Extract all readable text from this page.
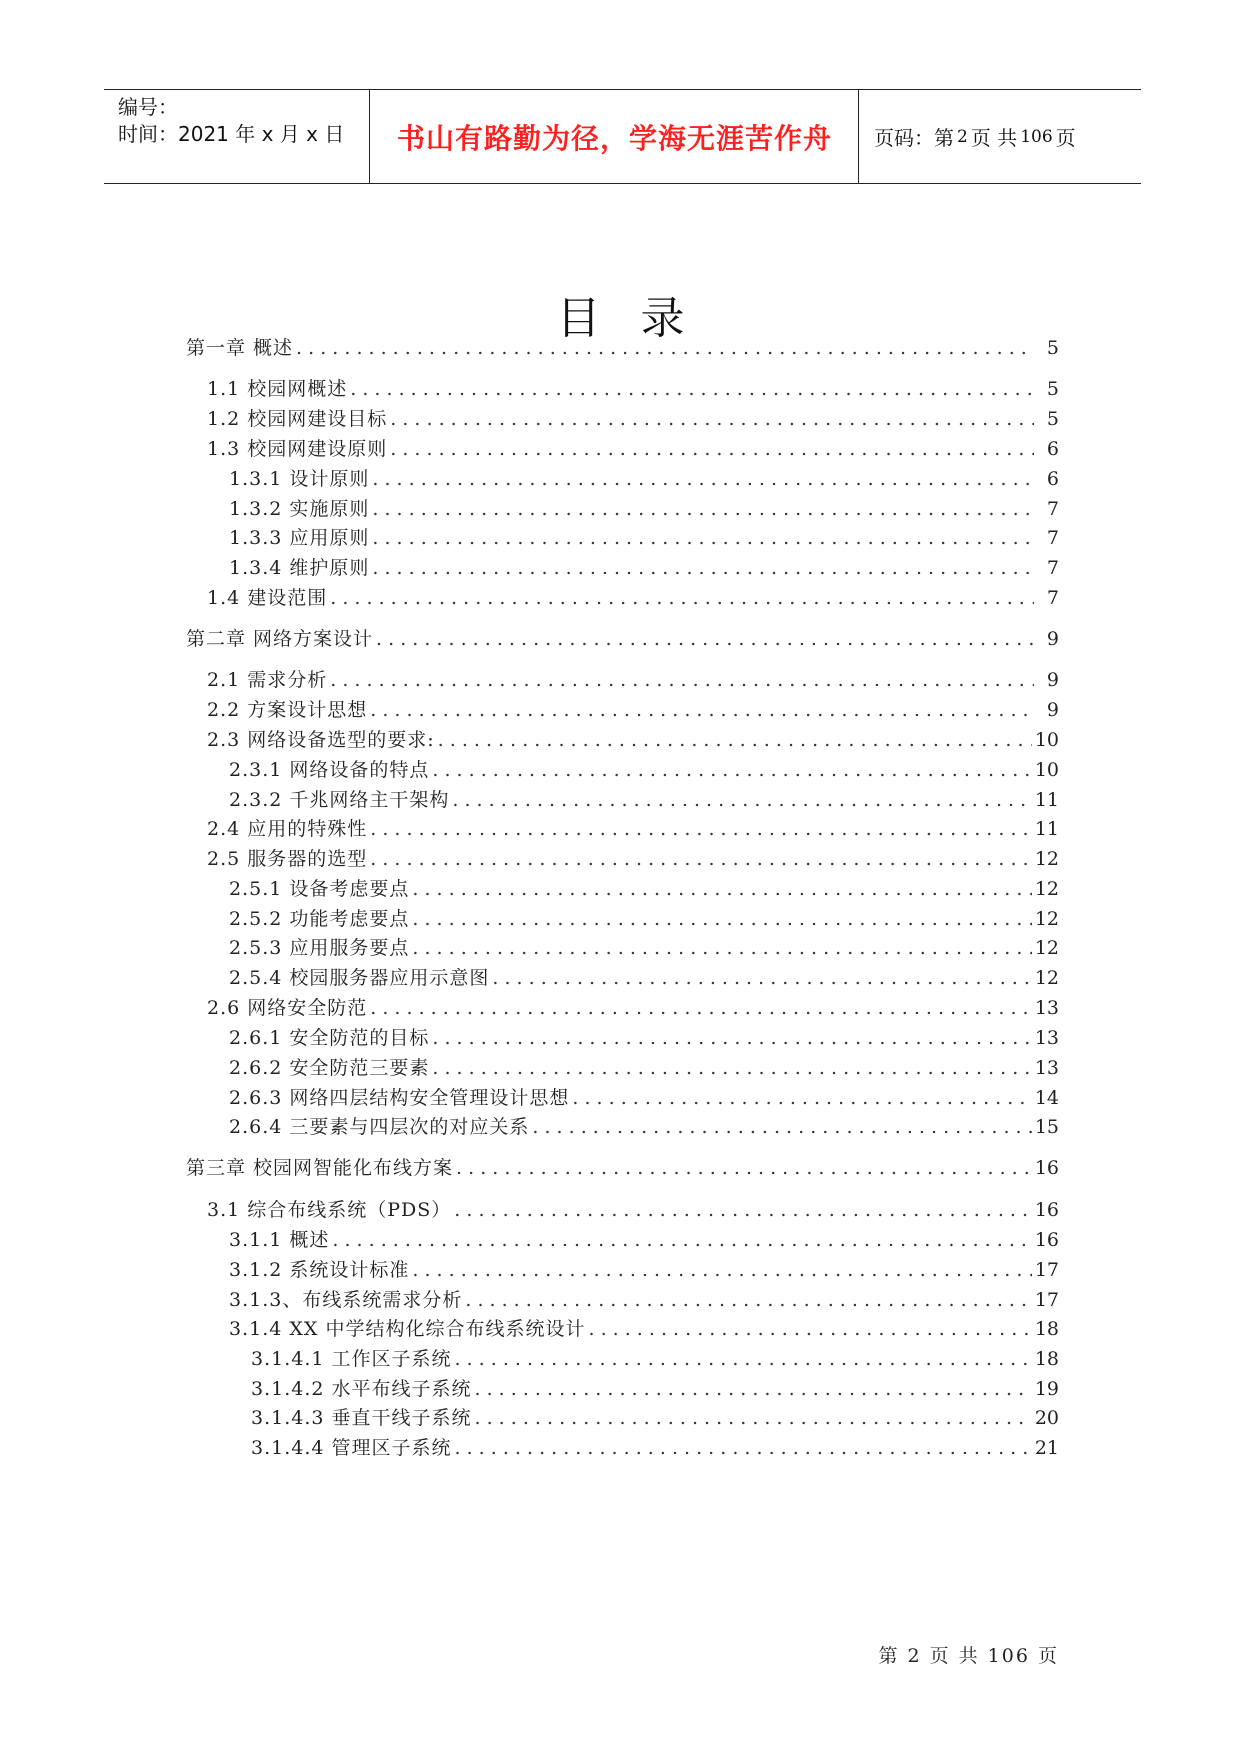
编号：
时间：2021 年 x 月 x 日	书山有路勤为径，学海无涯苦作舟	页码：第 2 页 共 106 页
目录
第一章 概述 . . .	5
1.1 校园网概述 . . .	5
1.2 校园网建设目标 . . .	5
1.3 校园网建设原则 . . .	6
1.3.1 设计原则 . . .	6
1.3.2 实施原则 . . .	7
1.3.3 应用原则 . . .	7
1.3.4 维护原则 . . .	7
1.4 建设范围 . . .	7
第二章 网络方案设计 . . .	9
2.1 需求分析 . . .	9
2.2 方案设计思想 . . .	9
2.3 网络设备选型的要求: . . .	10
2.3.1 网络设备的特点 . . .	10
2.3.2 千兆网络主干架构 . . .	11
2.4 应用的特殊性 . . .	11
2.5 服务器的选型 . . .	12
2.5.1 设备考虑要点 . . .	12
2.5.2 功能考虑要点 . . .	12
2.5.3 应用服务要点 . . .	12
2.5.4 校园服务器应用示意图 . . .	12
2.6 网络安全防范 . . .	13
2.6.1 安全防范的目标 . . .	13
2.6.2 安全防范三要素 . . .	13
2.6.3 网络四层结构安全管理设计思想 . . .	14
2.6.4 三要素与四层次的对应关系 . . .	15
第三章 校园网智能化布线方案 . . .	16
3.1 综合布线系统（PDS） . . .	16
3.1.1 概述 . . .	16
3.1.2 系统设计标准 . . .	17
3.1.3、布线系统需求分析 . . .	17
3.1.4 XX 中学结构化综合布线系统设计 . . .	18
3.1.4.1 工作区子系统 . . .	18
3.1.4.2 水平布线子系统 . . .	19
3.1.4.3 垂直干线子系统 . . .	20
3.1.4.4 管理区子系统 . . .	21
第 2 页 共 106 页
